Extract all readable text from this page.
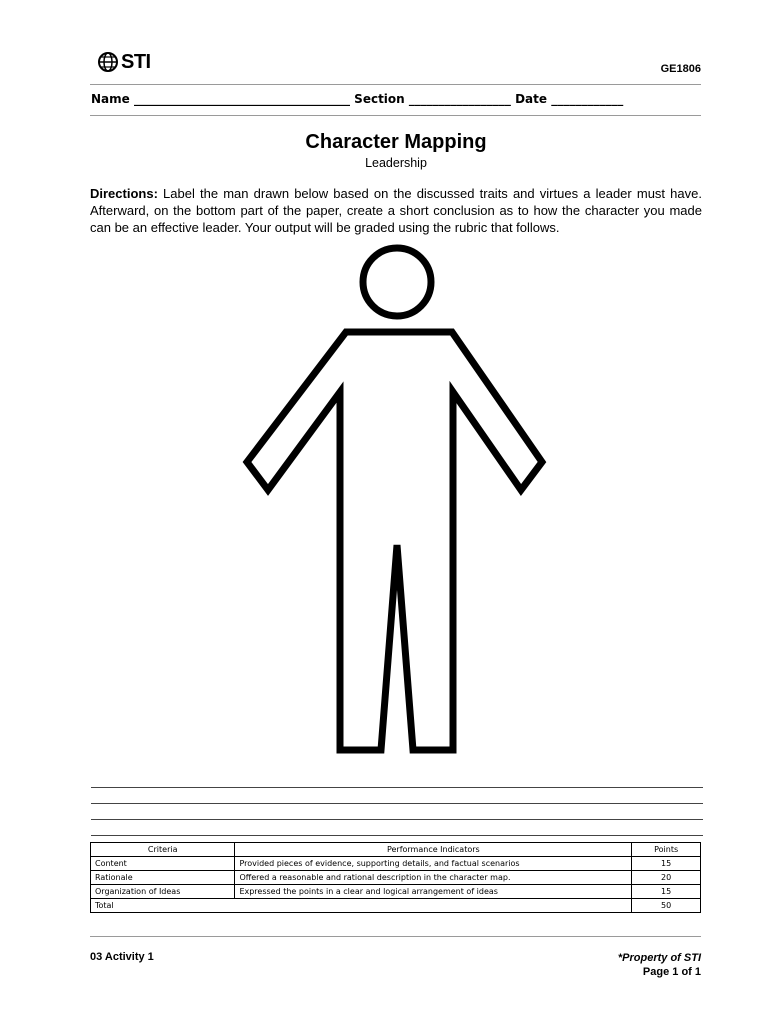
STI	GE1806
Name ____________________________________ Section _________________ Date ____________
Character Mapping
Leadership
Directions: Label the man drawn below based on the discussed traits and virtues a leader must have. Afterward, on the bottom part of the paper, create a short conclusion as to how the character you made can be an effective leader. Your output will be graded using the rubric that follows.
Criteria	Performance Indicators	Points
Content	Provided pieces of evidence, supporting details, and factual scenarios	15
Rationale	Offered a reasonable and rational description in the character map.	20
Organization of Ideas	Expressed the points in a clear and logical arrangement of ideas	15
Total		50
03 Activity 1	*Property of STI
Page 1 of 1
